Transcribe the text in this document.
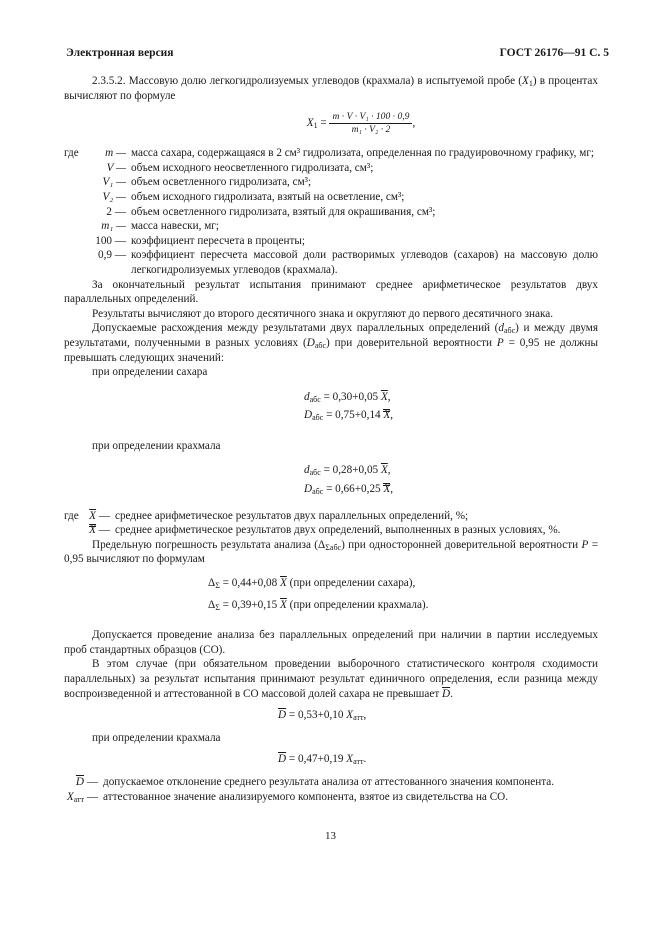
Электронная версия	ГОСТ 26176—91 С. 5

2.3.5.2. Массовую долю легкогидролизуемых углеводов (крахмала) в испытуемой пробе $(X_1)$ в процентах вычисляют по формуле

$X_1 = \frac{\text{m · V · V₁ · 100 · 0,9}}{\text{m₁ · V₂ · 2}}$ ,
где	m — масса сахара, содержащаяся в 2 см³ гидролизата, определенная по градуировочному графику, мг;
V — объем исходного неосветленного гидролизата, см³;
V₁ — объем осветленного гидролизата, см³;
V₂ — объем исходного гидролизата, взятый на осветление, см³;
2 — объем осветленного гидролизата, взятый для окрашивания, см³;
m₁ — масса навески, мг;
100 — коэффициент пересчета в проценты;
0,9 — коэффициент пересчета массовой доли растворимых углеводов (сахаров) на массовую долю легкогидролизуемых углеводов (крахмала).

За окончательный результат испытания принимают среднее арифметическое результатов двух параллельных определений.

Результаты вычисляют до второго десятичного знака и округляют до первого десятичного знака.

Допускаемые расхождения между результатами двух параллельных определений $(d_{абс})$ и между двумя результатами, полученными в разных условиях $(D_{абс})$ при доверительной вероятности P = 0,95 не должны превышать следующих значений:

при определении сахара

$d_{абс} = 0,30+0,05$ $\overline{X}$,
$D_{абс} = 0,75+0,14$ X,

при определении крахмала

$d_{абс} = 0,28+0,05$ $\overline{X}$,
$D_{абс} = 0,66+0,25$ X,
где $\overline{X}$ — среднее арифметическое результатов двух параллельных определений, %;
X — среднее арифметическое результатов двух определений, выполненных в разных условиях, %.

Предельную погрешность результата анализа $(\Delta_{\Sigma абс})$ при односторонней доверительной вероятности P = 0,95 вычисляют по формулам

$\Delta_\Sigma = 0,44+0,08$ $\overline{X}$ (при определении сахара),
$\Delta_\Sigma = 0,39+0,15$ $\overline{X}$ (при определении крахмала).

Допускается проведение анализа без параллельных определений при наличии в партии исследуемых проб стандартных образцов (СО).

В этом случае (при обязательном проведении выборочного статистического контроля сходимости параллельных) за результат испытания принимают результат единичного определения, если разница между воспроизведенной и аттестованной в СО массовой долей сахара не превышает $\overline{D}$.

$\overline{D} = 0,53+0,10$ $X_{атт}$,

при определении крахмала

$\overline{D} = 0,47+0,19$ $X_{атт}$.
$\overline{D}$ — допускаемое отклонение среднего результата анализа от аттестованного значения компонента.
$X_{атт}$ — аттестованное значение анализируемого компонента, взятое из свидетельства на СО.
13
